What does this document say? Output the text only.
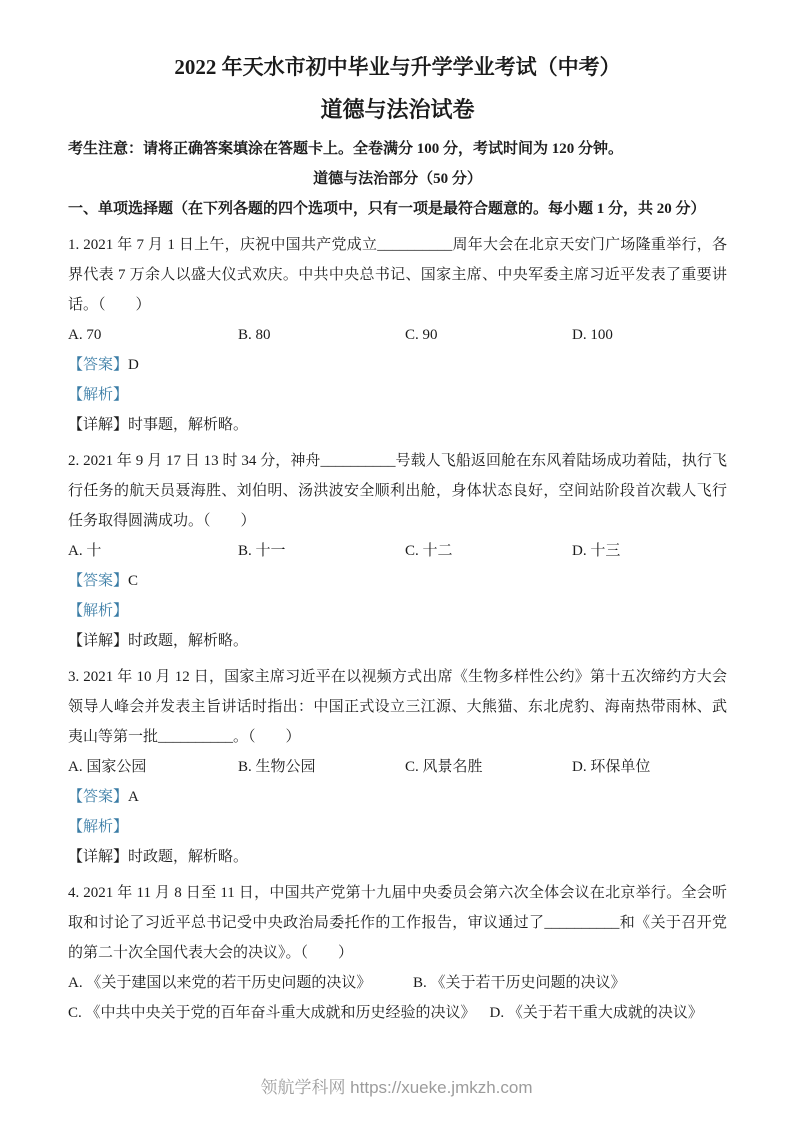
2022 年天水市初中毕业与升学学业考试（中考）
道德与法治试卷

考生注意：请将正确答案填涂在答题卡上。全卷满分 100 分，考试时间为 120 分钟。

道德与法治部分（50 分）

一、单项选择题（在下列各题的四个选项中，只有一项是最符合题意的。每小题 1 分，共 20 分）

1. 2021 年 7 月 1 日上午，庆祝中国共产党成立__________周年大会在北京天安门广场隆重举行，各界代表 7 万余人以盛大仪式欢庆。中共中央总书记、国家主席、中央军委主席习近平发表了重要讲话。（　　）

A. 70	B. 80	C. 90	D. 100

【答案】D

【解析】

【详解】时事题，解析略。

2. 2021 年 9 月 17 日 13 时 34 分，神舟__________号载人飞船返回舱在东风着陆场成功着陆，执行飞行任务的航天员聂海胜、刘伯明、汤洪波安全顺利出舱，身体状态良好，空间站阶段首次载人飞行任务取得圆满成功。（　　）

A. 十	B. 十一	C. 十二	D. 十三

【答案】C

【解析】

【详解】时政题，解析略。

3. 2021 年 10 月 12 日，国家主席习近平在以视频方式出席《生物多样性公约》第十五次缔约方大会领导人峰会并发表主旨讲话时指出：中国正式设立三江源、大熊猫、东北虎豹、海南热带雨林、武夷山等第一批__________。（　　）

A. 国家公园	B. 生物公园	C. 风景名胜	D. 环保单位

【答案】A

【解析】

【详解】时政题，解析略。

4. 2021 年 11 月 8 日至 11 日，中国共产党第十九届中央委员会第六次全体会议在北京举行。全会听取和讨论了习近平总书记受中央政治局委托作的工作报告，审议通过了__________和《关于召开党的第二十次全国代表大会的决议》。（　　）

A. 《关于建国以来党的若干历史问题的决议》	B. 《关于若干历史问题的决议》
C. 《中共中央关于党的百年奋斗重大成就和历史经验的决议》 D. 《关于若干重大成就的决议》
领航学科网 https://xueke.jmkzh.com
